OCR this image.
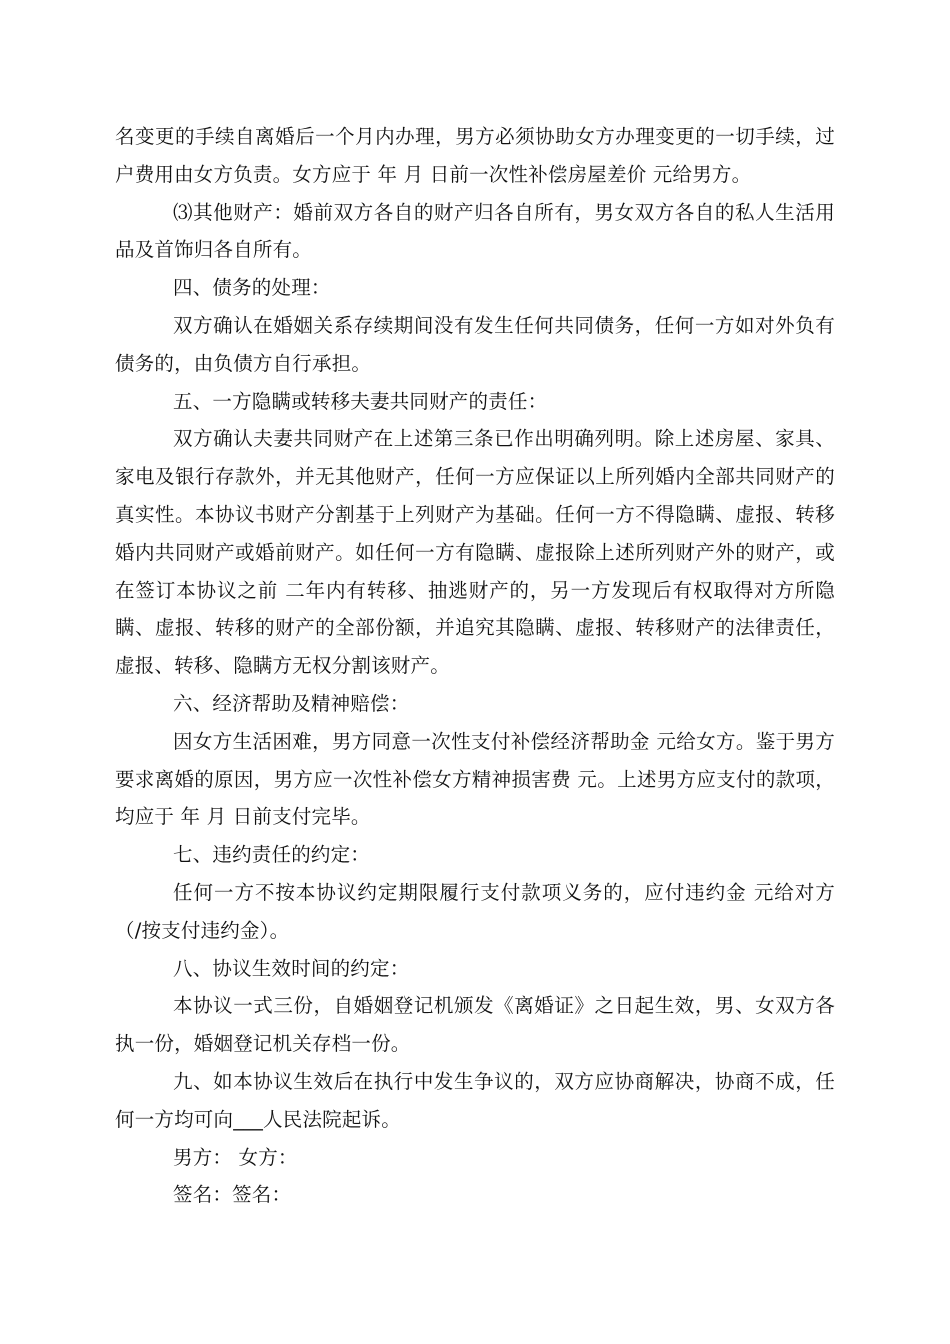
名变更的手续自离婚后一个月内办理，男方必须协助女方办理变更的一切手续，过户费用由女方负责。女方应于 年 月 日前一次性补偿房屋差价 元给男方。

⑶其他财产：婚前双方各自的财产归各自所有，男女双方各自的私人生活用品及首饰归各自所有。

四、债务的处理：

双方确认在婚姻关系存续期间没有发生任何共同债务，任何一方如对外负有债务的，由负债方自行承担。

五、一方隐瞒或转移夫妻共同财产的责任：

双方确认夫妻共同财产在上述第三条已作出明确列明。除上述房屋、家具、家电及银行存款外，并无其他财产，任何一方应保证以上所列婚内全部共同财产的真实性。本协议书财产分割基于上列财产为基础。任何一方不得隐瞒、虚报、转移婚内共同财产或婚前财产。如任何一方有隐瞒、虚报除上述所列财产外的财产，或在签订本协议之前 二年内有转移、抽逃财产的，另一方发现后有权取得对方所隐瞒、虚报、转移的财产的全部份额，并追究其隐瞒、虚报、转移财产的法律责任，虚报、转移、隐瞒方无权分割该财产。

六、经济帮助及精神赔偿：

因女方生活困难，男方同意一次性支付补偿经济帮助金 元给女方。鉴于男方要求离婚的原因，男方应一次性补偿女方精神损害费 元。上述男方应支付的款项，均应于 年 月 日前支付完毕。

七、违约责任的约定：

任何一方不按本协议约定期限履行支付款项义务的，应付违约金 元给对方（/按支付违约金）。

八、协议生效时间的约定：

本协议一式三份，自婚姻登记机颁发《离婚证》之日起生效，男、女双方各执一份，婚姻登记机关存档一份。

九、如本协议生效后在执行中发生争议的，双方应协商解决，协商不成，任何一方均可向___人民法院起诉。

男方： 女方：

签名：签名：
